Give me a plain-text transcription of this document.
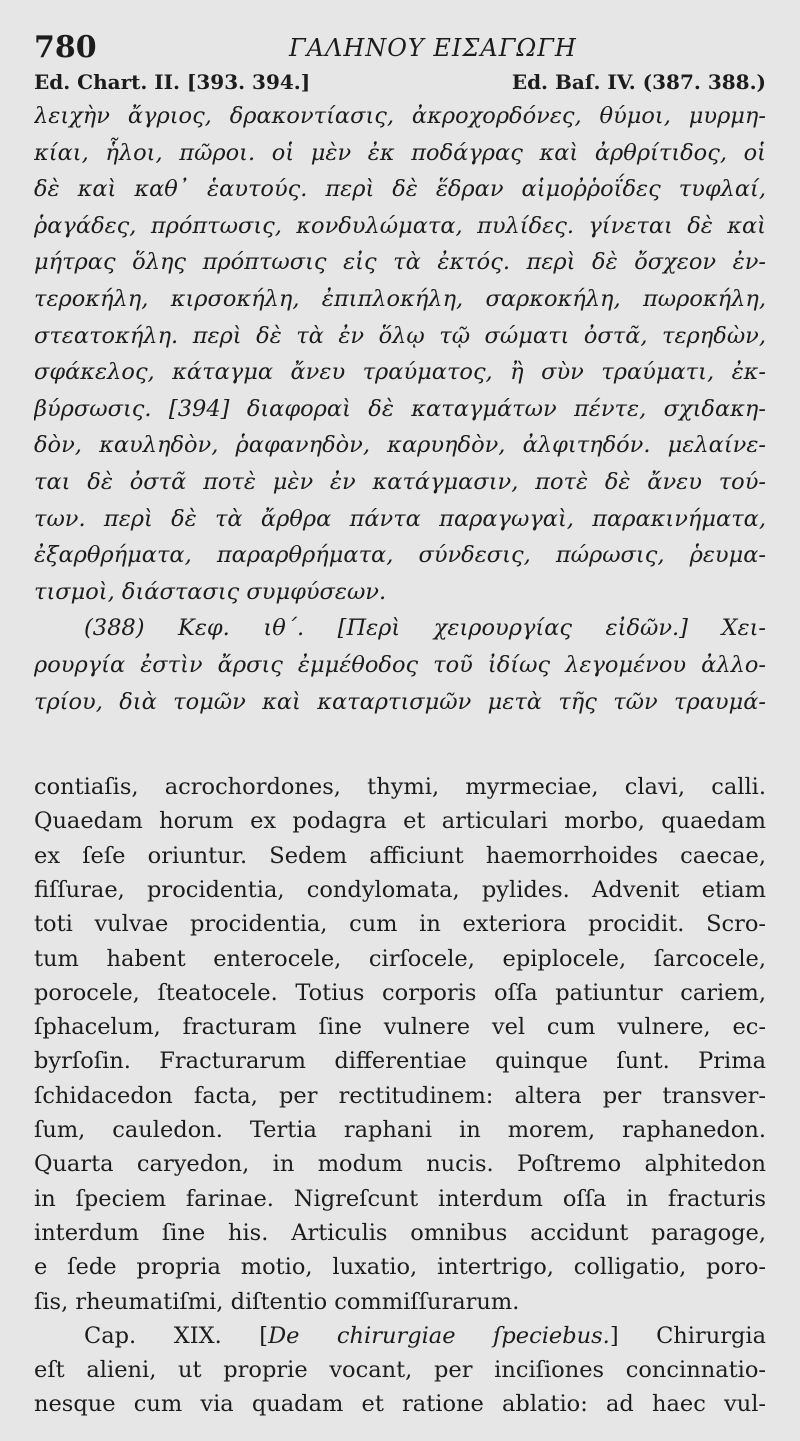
780	ΓΑΛΗΝΟΥ ΕΙΣΑΓΩΓΗ
Ed. Chart. II. [393. 394.]	Ed. Baſ. IV. (387. 388.)
λειχὴν ἄγριος, δρακοντίασις, ἀκροχορδόνες, θύμοι, μυρμη-
κίαι, ἧλοι, πῶροι. οἱ μὲν ἐκ ποδάγρας καὶ ἀρθρίτιδος, οἱ
δὲ καὶ καθ᾽ ἑαυτούς. περὶ δὲ ἕδραν αἱμοῤῥοΐδες τυφλαί,
ῥαγάδες, πρόπτωσις, κονδυλώματα, πυλίδες. γίνεται δὲ καὶ
μήτρας ὅλης πρόπτωσις εἰς τὰ ἐκτός. περὶ δὲ ὄσχεον ἐν-
τεροκήλη, κιρσοκήλη, ἐπιπλοκήλη, σαρκοκήλη, πωροκήλη,
στεατοκήλη. περὶ δὲ τὰ ἐν ὅλῳ τῷ σώματι ὀστᾶ, τερηδὼν,
σφάκελος, κάταγμα ἄνευ τραύματος, ἢ σὺν τραύματι, ἐκ-
βύρσωσις. [394] διαφοραὶ δὲ καταγμάτων πέντε, σχιδακη-
δὸν, καυληδὸν, ῥαφανηδὸν, καρυηδὸν, ἀλφιτηδόν. μελαίνε-
ται δὲ ὀστᾶ ποτὲ μὲν ἐν κατάγμασιν, ποτὲ δὲ ἄνευ τού-
των. περὶ δὲ τὰ ἄρθρα πάντα παραγωγαὶ, παρακινήματα,
ἐξαρθρήματα, παραρθρήματα, σύνδεσις, πώρωσις, ῥευμα-
τισμοὶ, διάστασις συμφύσεων.
(388) Κεφ. ιθ΄. [Περὶ χειρουργίας εἰδῶν.] Χει-
ρουργία ἐστὶν ἄρσις ἐμμέθοδος τοῦ ἰδίως λεγομένου ἀλλο-
τρίου, διὰ τομῶν καὶ καταρτισμῶν μετὰ τῆς τῶν τραυμά-
contiaſis, acrochordones, thymi, myrmeciae, clavi, calli.
Quaedam horum ex podagra et articulari morbo, quaedam
ex ſeſe oriuntur. Sedem afficiunt haemorrhoides caecae,
fiſſurae, procidentia, condylomata, pylides. Advenit etiam
toti vulvae procidentia, cum in exteriora procidit. Scro-
tum habent enterocele, cirſocele, epiplocele, ſarcocele,
porocele, ſteatocele. Totius corporis oſſa patiuntur cariem,
ſphacelum, fracturam ſine vulnere vel cum vulnere, ec-
byrſoſin. Fracturarum differentiae quinque ſunt. Prima
ſchidacedon facta, per rectitudinem: altera per transver-
ſum, cauledon. Tertia raphani in morem, raphanedon.
Quarta caryedon, in modum nucis. Poſtremo alphitedon
in ſpeciem farinae. Nigreſcunt interdum oſſa in fracturis
interdum ſine his. Articulis omnibus accidunt paragoge,
e ſede propria motio, luxatio, intertrigo, colligatio, poro-
ſis, rheumatiſmi, diſtentio commiſſurarum.
Cap. XIX. [De chirurgiae ſpeciebus.] Chirurgia
eſt alieni, ut proprie vocant, per inciſiones concinnatio-
nesque cum via quadam et ratione ablatio: ad haec vul-
